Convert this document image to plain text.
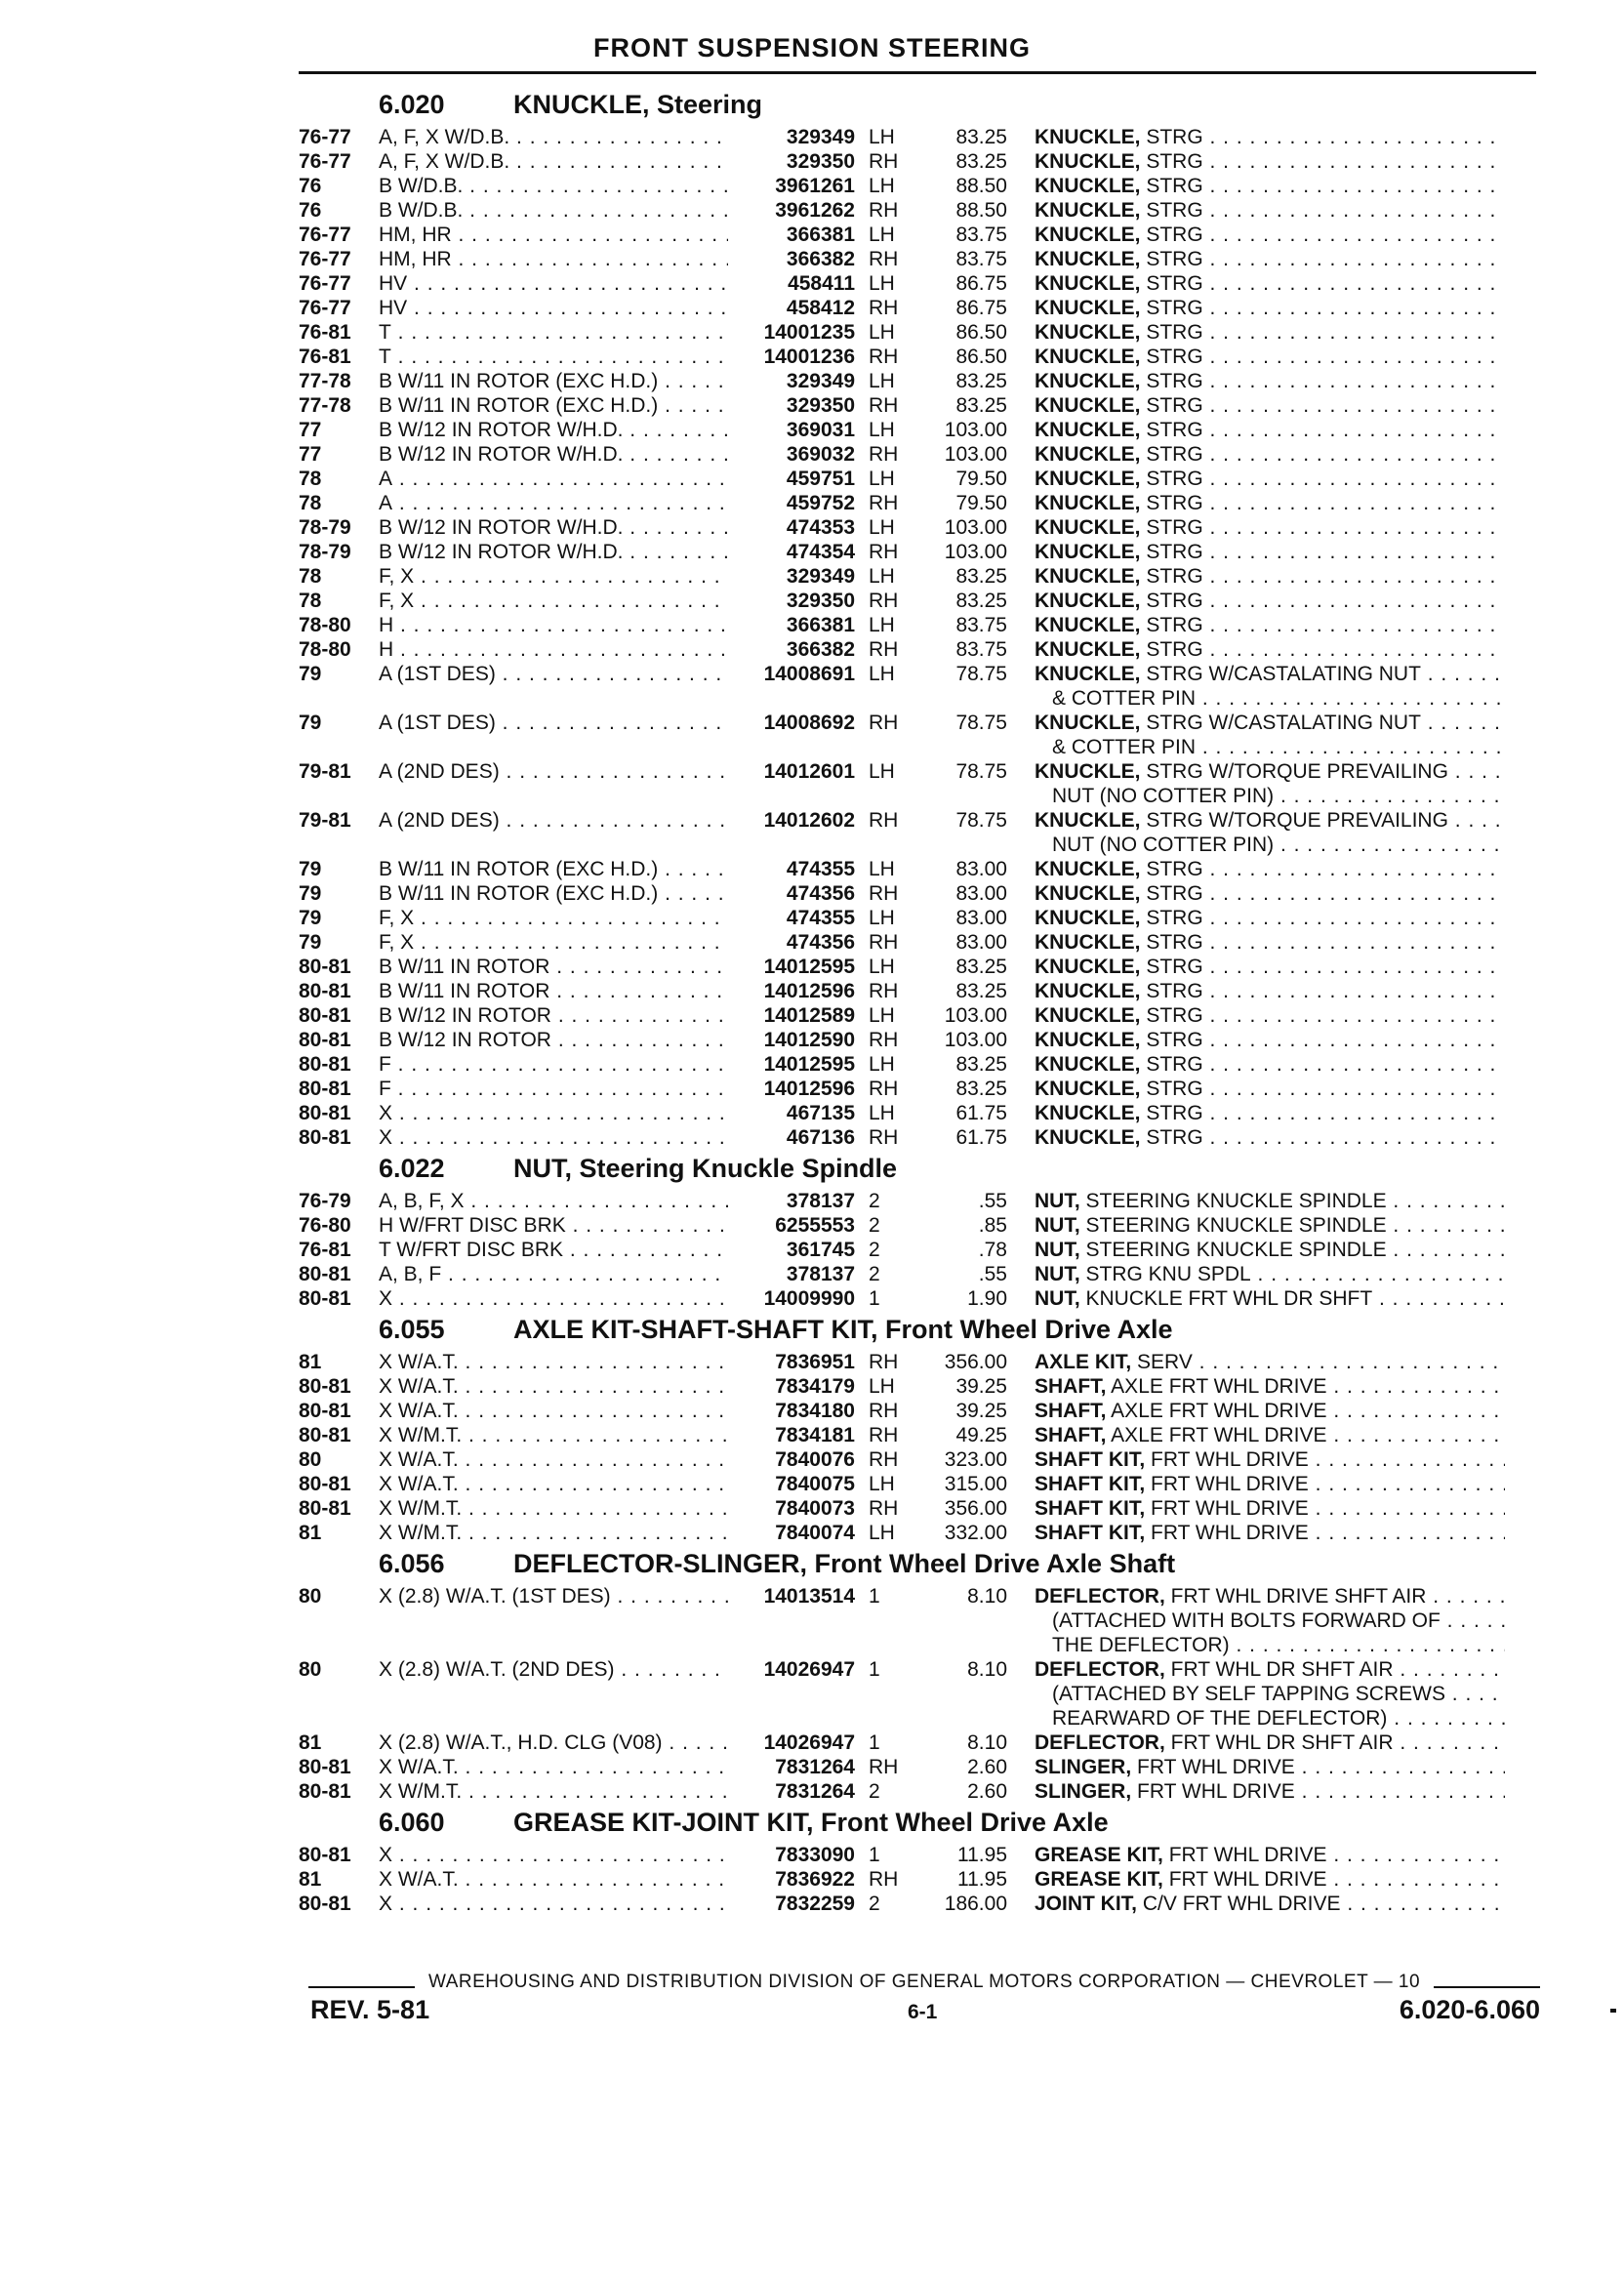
FRONT SUSPENSION STEERING
6.020	KNUCKLE, Steering
76-77	A, F, X W/D.B. . . .	329349 LH	83.25 KNUCKLE, STRG . . .
76-77	A, F, X W/D.B. . . .	329350 RH	83.25 KNUCKLE, STRG . . .
76	B W/D.B. . . .	3961261 LH	88.50 KNUCKLE, STRG . . .
76	B W/D.B. . . .	3961262 RH	88.50 KNUCKLE, STRG . . .
76-77	HM, HR . . .	366381 LH	83.75 KNUCKLE, STRG . . .
76-77	HM, HR . . .	366382 RH	83.75 KNUCKLE, STRG . . .
76-77	HV . . .	458411 LH	86.75 KNUCKLE, STRG . . .
76-77	HV . . .	458412 RH	86.75 KNUCKLE, STRG . . .
76-81	T . . .	14001235 LH	86.50 KNUCKLE, STRG . . .
76-81	T . . .	14001236 RH	86.50 KNUCKLE, STRG . . .
77-78	B W/11 IN ROTOR (EXC H.D.) . . .	329349 LH	83.25 KNUCKLE, STRG . . .
77-78	B W/11 IN ROTOR (EXC H.D.) . . .	329350 RH	83.25 KNUCKLE, STRG . . .
77	B W/12 IN ROTOR W/H.D. . . .	369031 LH	103.00 KNUCKLE, STRG . . .
77	B W/12 IN ROTOR W/H.D. . . .	369032 RH	103.00 KNUCKLE, STRG . . .
78	A . . .	459751 LH	79.50 KNUCKLE, STRG . . .
78	A . . .	459752 RH	79.50 KNUCKLE, STRG . . .
78-79	B W/12 IN ROTOR W/H.D. . . .	474353 LH	103.00 KNUCKLE, STRG . . .
78-79	B W/12 IN ROTOR W/H.D. . . .	474354 RH	103.00 KNUCKLE, STRG . . .
78	F, X . . .	329349 LH	83.25 KNUCKLE, STRG . . .
78	F, X . . .	329350 RH	83.25 KNUCKLE, STRG . . .
78-80	H . . .	366381 LH	83.75 KNUCKLE, STRG . . .
78-80	H . . .	366382 RH	83.75 KNUCKLE, STRG . . .
79	A (1ST DES) . . .	14008691 LH	78.75 KNUCKLE, STRG W/CASTALATING NUT . . .
& COTTER PIN . . .
79	A (1ST DES) . . .	14008692 RH	78.75 KNUCKLE, STRG W/CASTALATING NUT . . .
& COTTER PIN . . .
79-81	A (2ND DES) . . .	14012601 LH	78.75 KNUCKLE, STRG W/TORQUE PREVAILING . . .
NUT (NO COTTER PIN) . . .
79-81	A (2ND DES) . . .	14012602 RH	78.75 KNUCKLE, STRG W/TORQUE PREVAILING . . .
NUT (NO COTTER PIN) . . .
79	B W/11 IN ROTOR (EXC H.D.) . . .	474355 LH	83.00 KNUCKLE, STRG . . .
79	B W/11 IN ROTOR (EXC H.D.) . . .	474356 RH	83.00 KNUCKLE, STRG . . .
79	F, X . . .	474355 LH	83.00 KNUCKLE, STRG . . .
79	F, X . . .	474356 RH	83.00 KNUCKLE, STRG . . .
80-81	B W/11 IN ROTOR . . .	14012595 LH	83.25 KNUCKLE, STRG . . .
80-81	B W/11 IN ROTOR . . .	14012596 RH	83.25 KNUCKLE, STRG . . .
80-81	B W/12 IN ROTOR . . .	14012589 LH	103.00 KNUCKLE, STRG . . .
80-81	B W/12 IN ROTOR . . .	14012590 RH	103.00 KNUCKLE, STRG . . .
80-81	F . . .	14012595 LH	83.25 KNUCKLE, STRG . . .
80-81	F . . .	14012596 RH	83.25 KNUCKLE, STRG . . .
80-81	X . . .	467135 LH	61.75 KNUCKLE, STRG . . .
80-81	X . . .	467136 RH	61.75 KNUCKLE, STRG . . .
6.022	NUT, Steering Knuckle Spindle
76-79	A, B, F, X . . .	378137 2	.55 NUT, STEERING KNUCKLE SPINDLE . . .
76-80	H W/FRT DISC BRK . . .	6255553 2	.85 NUT, STEERING KNUCKLE SPINDLE . . .
76-81	T W/FRT DISC BRK . . .	361745 2	.78 NUT, STEERING KNUCKLE SPINDLE . . .
80-81	A, B, F . . .	378137 2	.55 NUT, STRG KNU SPDL . . .
80-81	X . . .	14009990 1	1.90 NUT, KNUCKLE FRT WHL DR SHFT . . .
6.055	AXLE KIT-SHAFT-SHAFT KIT, Front Wheel Drive Axle
81	X W/A.T. . . .	7836951 RH	356.00 AXLE KIT, SERV . . .
80-81	X W/A.T. . . .	7834179 LH	39.25 SHAFT, AXLE FRT WHL DRIVE . . .
80-81	X W/A.T. . . .	7834180 RH	39.25 SHAFT, AXLE FRT WHL DRIVE . . .
80-81	X W/M.T. . . .	7834181 RH	49.25 SHAFT, AXLE FRT WHL DRIVE . . .
80	X W/A.T. . . .	7840076 RH	323.00 SHAFT KIT, FRT WHL DRIVE . . .
80-81	X W/A.T. . . .	7840075 LH	315.00 SHAFT KIT, FRT WHL DRIVE . . .
80-81	X W/M.T. . . .	7840073 RH	356.00 SHAFT KIT, FRT WHL DRIVE . . .
81	X W/M.T. . . .	7840074 LH	332.00 SHAFT KIT, FRT WHL DRIVE . . .
6.056	DEFLECTOR-SLINGER, Front Wheel Drive Axle Shaft
80	X (2.8) W/A.T. (1ST DES) . . .	14013514 1	8.10 DEFLECTOR, FRT WHL DRIVE SHFT AIR . . .
(ATTACHED WITH BOLTS FORWARD OF . . .
THE DEFLECTOR) . . .
80	X (2.8) W/A.T. (2ND DES) . . .	14026947 1	8.10 DEFLECTOR, FRT WHL DR SHFT AIR . . .
(ATTACHED BY SELF TAPPING SCREWS . . .
REARWARD OF THE DEFLECTOR) . . .
81	X (2.8) W/A.T., H.D. CLG (V08) . . .	14026947 1	8.10 DEFLECTOR, FRT WHL DR SHFT AIR . . .
80-81	X W/A.T. . . .	7831264 RH	2.60 SLINGER, FRT WHL DRIVE . . .
80-81	X W/M.T. . . .	7831264 2	2.60 SLINGER, FRT WHL DRIVE . . .
6.060	GREASE KIT-JOINT KIT, Front Wheel Drive Axle
80-81	X . . .	7833090 1	11.95 GREASE KIT, FRT WHL DRIVE . . .
81	X W/A.T. . . .	7836922 RH	11.95 GREASE KIT, FRT WHL DRIVE . . .
80-81	X . . .	7832259 2	186.00 JOINT KIT, C/V FRT WHL DRIVE . . .
WAREHOUSING AND DISTRIBUTION DIVISION OF GENERAL MOTORS CORPORATION — CHEVROLET — 10
REV. 5-81	6-1	6.020-6.060
